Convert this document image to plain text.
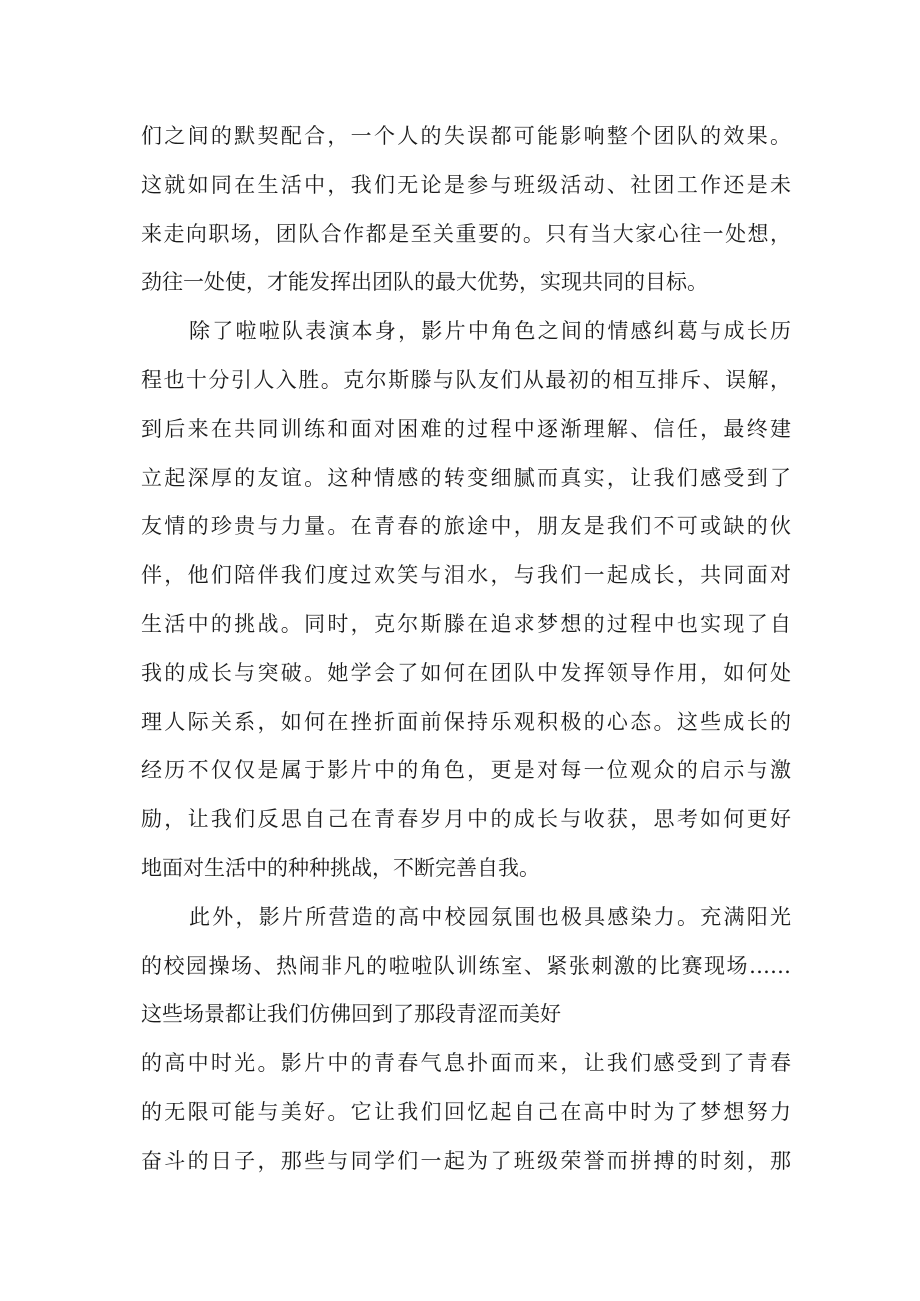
们之间的默契配合，一个人的失误都可能影响整个团队的效果。
这就如同在生活中，我们无论是参与班级活动、社团工作还是未
来走向职场，团队合作都是至关重要的。只有当大家心往一处想，
劲往一处使，才能发挥出团队的最大优势，实现共同的目标。
除了啦啦队表演本身，影片中角色之间的情感纠葛与成长历
程也十分引人入胜。克尔斯滕与队友们从最初的相互排斥、误解，
到后来在共同训练和面对困难的过程中逐渐理解、信任，最终建
立起深厚的友谊。这种情感的转变细腻而真实，让我们感受到了
友情的珍贵与力量。在青春的旅途中，朋友是我们不可或缺的伙
伴，他们陪伴我们度过欢笑与泪水，与我们一起成长，共同面对
生活中的挑战。同时，克尔斯滕在追求梦想的过程中也实现了自
我的成长与突破。她学会了如何在团队中发挥领导作用，如何处
理人际关系，如何在挫折面前保持乐观积极的心态。这些成长的
经历不仅仅是属于影片中的角色，更是对每一位观众的启示与激
励，让我们反思自己在青春岁月中的成长与收获，思考如何更好
地面对生活中的种种挑战，不断完善自我。
此外，影片所营造的高中校园氛围也极具感染力。充满阳光
的校园操场、热闹非凡的啦啦队训练室、紧张刺激的比赛现场……
这些场景都让我们仿佛回到了那段青涩而美好
的高中时光。影片中的青春气息扑面而来，让我们感受到了青春
的无限可能与美好。它让我们回忆起自己在高中时为了梦想努力
奋斗的日子，那些与同学们一起为了班级荣誉而拼搏的时刻，那
